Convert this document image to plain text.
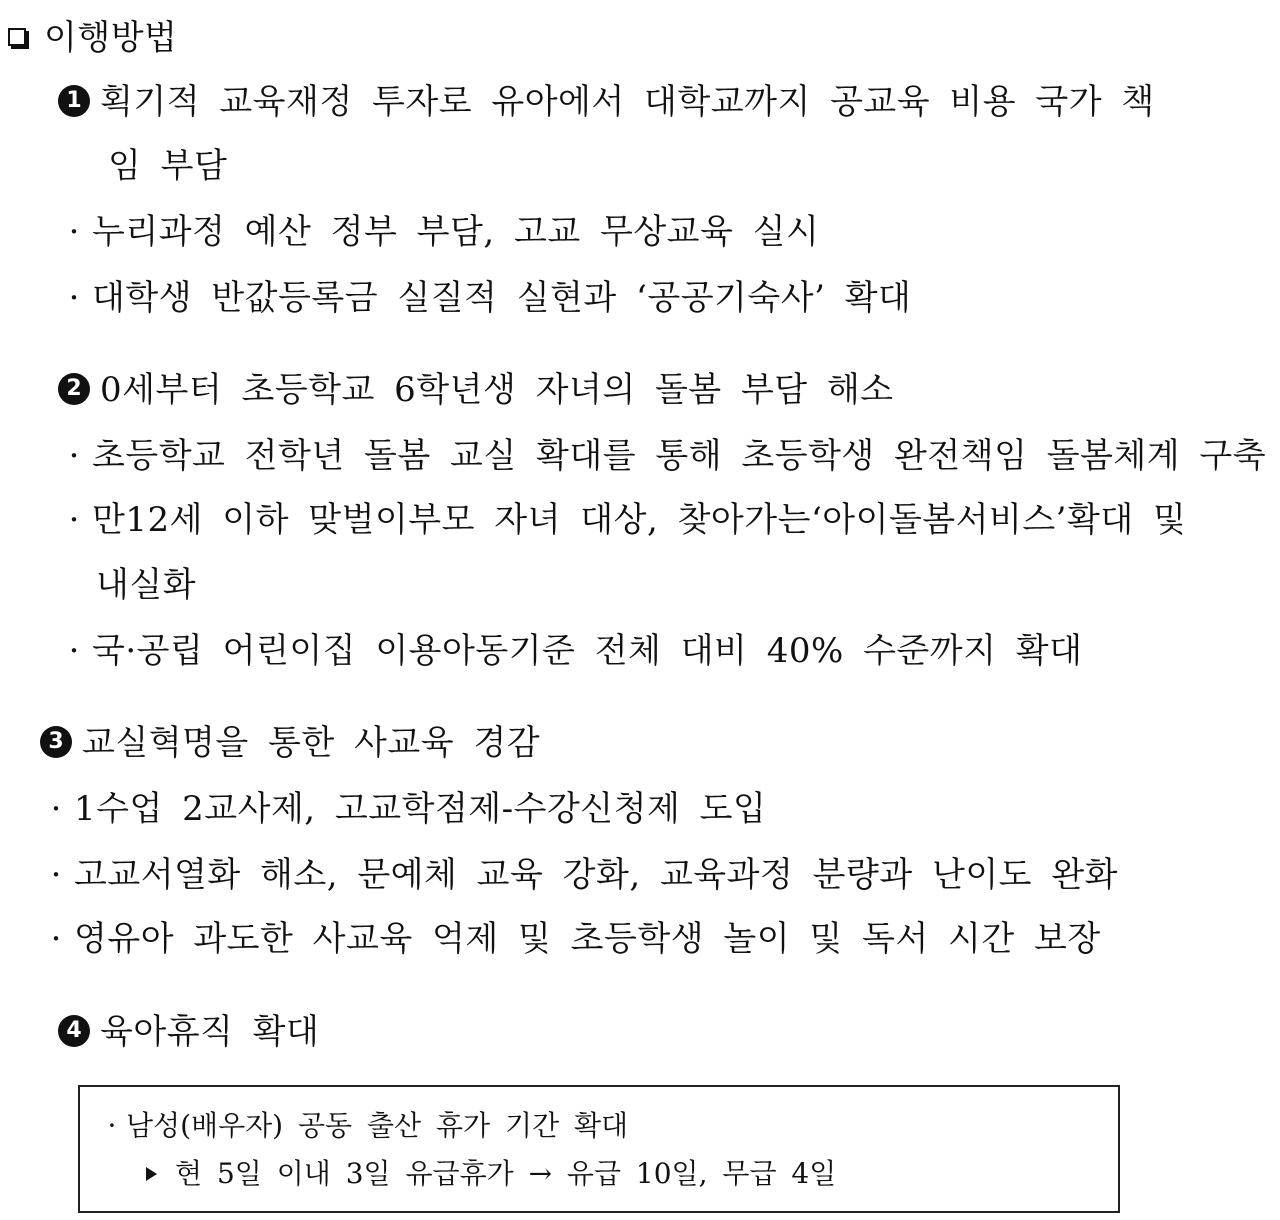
이행방법
1 획기적 교육재정 투자로 유아에서 대학교까지 공교육 비용 국가 책
임 부담
· 누리과정 예산 정부 부담, 고교 무상교육 실시
· 대학생 반값등록금 실질적 실현과 ‘공공기숙사’ 확대
2 0세부터 초등학교 6학년생 자녀의 돌봄 부담 해소
· 초등학교 전학년 돌봄 교실 확대를 통해 초등학생 완전책임 돌봄체계 구축
· 만12세 이하 맞벌이부모 자녀 대상, 찾아가는‘아이돌봄서비스’확대 및
내실화
· 국·공립 어린이집 이용아동기준 전체 대비 40% 수준까지 확대
3 교실혁명을 통한 사교육 경감
· 1수업 2교사제, 고교학점제-수강신청제 도입
· 고교서열화 해소, 문예체 교육 강화, 교육과정 분량과 난이도 완화
· 영유아 과도한 사교육 억제 및 초등학생 놀이 및 독서 시간 보장
4 육아휴직 확대
· 남성(배우자) 공동 출산 휴가 기간 확대
현 5일 이내 3일 유급휴가 → 유급 10일, 무급 4일
